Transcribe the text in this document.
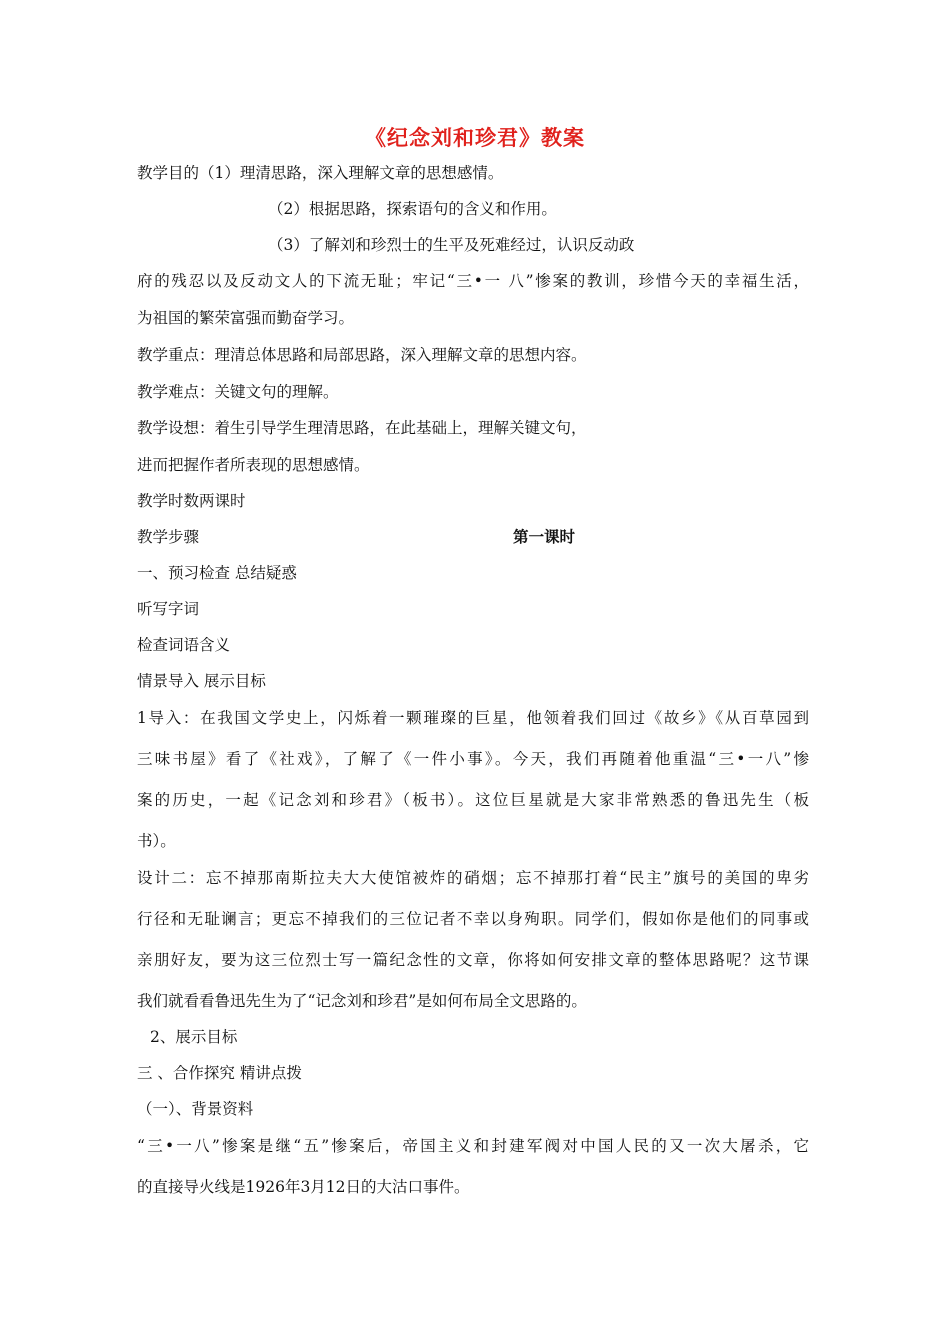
《纪念刘和珍君》教案
教学目的（1）理清思路，深入理解文章的思想感情。
（2）根据思路，探索语句的含义和作用。
（3）了解刘和珍烈士的生平及死难经过，认识反动政
府的残忍以及反动文人的下流无耻；牢记“三•一 八”惨案的教训，珍惜今天的幸福生活，
为祖国的繁荣富强而勤奋学习。
教学重点：理清总体思路和局部思路，深入理解文章的思想内容。
教学难点：关键文句的理解。
教学设想：着生引导学生理清思路，在此基础上，理解关键文句，
进而把握作者所表现的思想感情。
教学时数两课时
教学步骤	第一课时
一、预习检查 总结疑惑
听写字词
检查词语含义
情景导入 展示目标
1导入：在我国文学史上，闪烁着一颗璀璨的巨星，他领着我们回过《故乡》《从百草园到
三味书屋》看了《社戏》，了解了《一件小事》。今天，我们再随着他重温“三•一八”惨
案的历史，一起《记念刘和珍君》（板书）。这位巨星就是大家非常熟悉的鲁迅先生（板
书）。
设计二：忘不掉那南斯拉夫大大使馆被炸的硝烟；忘不掉那打着“民主”旗号的美国的卑劣
行径和无耻谰言；更忘不掉我们的三位记者不幸以身殉职。同学们，假如你是他们的同事或
亲朋好友，要为这三位烈士写一篇纪念性的文章，你将如何安排文章的整体思路呢？这节课
我们就看看鲁迅先生为了“记念刘和珍君”是如何布局全文思路的。
2、展示目标
三 、合作探究 精讲点拨
（一）、背景资料
“三•一八”惨案是继“五”惨案后，帝国主义和封建军阀对中国人民的又一次大屠杀，它
的直接导火线是1926年3月12日的大沽口事件。
